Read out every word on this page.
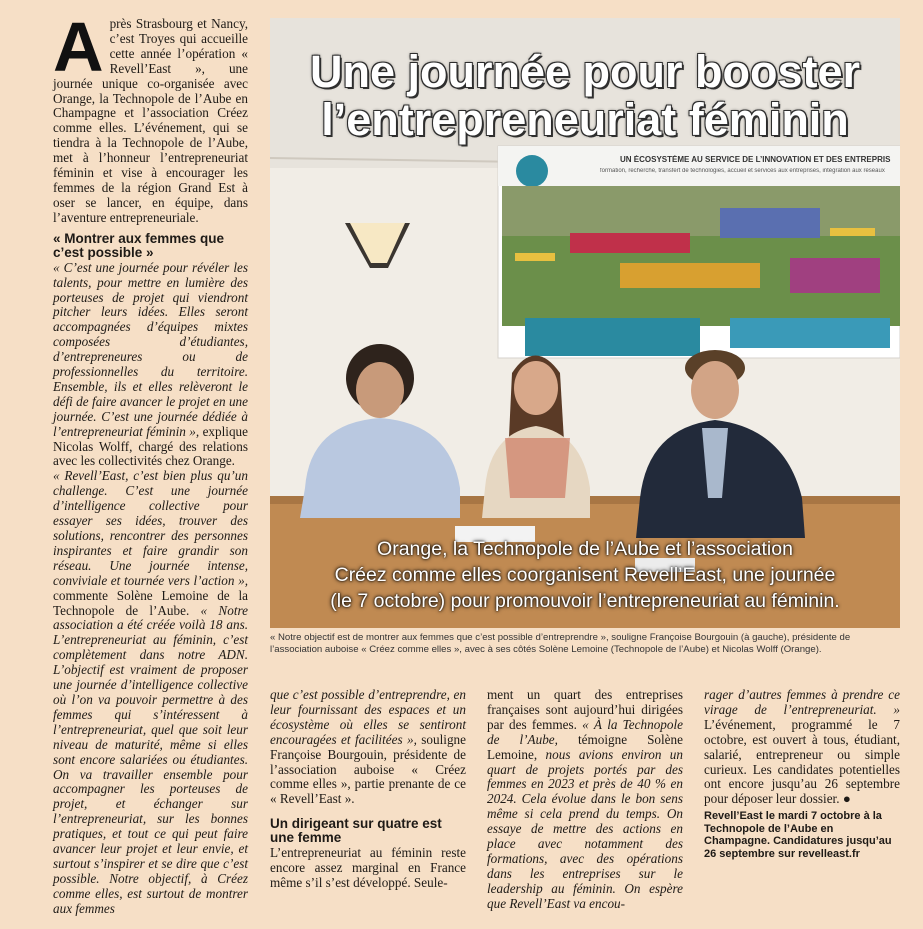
A près Strasbourg et Nancy, c’est Troyes qui accueille cette année l’opération « Revell’East », une journée unique co-organisée avec Orange, la Technopole de l’Aube en Champagne et l’association Créez comme elles. L’événement, qui se tiendra à la Technopole de l’Aube, met à l’honneur l’entrepreneuriat féminin et vise à encourager les femmes de la région Grand Est à oser se lancer, en équipe, dans l’aventure entrepreneuriale.

« Montrer aux femmes que c’est possible »

« C’est une journée pour révéler les talents, pour mettre en lumière des porteuses de projet qui viendront pitcher leurs idées. Elles seront accompagnées d’équipes mixtes composées d’étudiantes, d’entrepreneures ou de professionnelles du territoire. Ensemble, ils et elles relèveront le défi de faire avancer le projet en une journée. C’est une journée dédiée à l’entrepreneuriat féminin », explique Nicolas Wolff, chargé des relations avec les collectivités chez Orange.

« Revell’East, c’est bien plus qu’un challenge. C’est une journée d’intelligence collective pour essayer ses idées, trouver des solutions, rencontrer des personnes inspirantes et faire grandir son réseau. Une journée intense, conviviale et tournée vers l’action », commente Solène Lemoine de la Technopole de l’Aube. « Notre association a été créée voilà 18 ans. L’entrepreneuriat au féminin, c’est complètement dans notre ADN. L’objectif est vraiment de proposer une journée d’intelligence collective où l’on va pouvoir permettre à des femmes qui s’intéressent à l’entrepreneuriat, quel que soit leur niveau de maturité, même si elles sont encore salariées ou étudiantes. On va travailler ensemble pour accompagner les porteuses de projet, et échanger sur l’entrepreneuriat, sur les bonnes pratiques, et tout ce qui peut faire avancer leur projet et leur envie, et surtout s’inspirer et se dire que c’est possible. Notre objectif, à Créez comme elles, est surtout de montrer aux femmes

Une journée pour booster
l’entrepreneuriat féminin
UN ÉCOSYSTÈME AU SERVICE DE L’INNOVATION ET DES ENTREPRIS
formation, recherche, transfert de technologies, accueil et services aux entreprises, intégration aux réseaux
Orange, la Technopole de l’Aube et l’association
Créez comme elles coorganisent Revell’East, une journée
(le 7 octobre) pour promouvoir l’entrepreneuriat au féminin.
« Notre objectif est de montrer aux femmes que c’est possible d’entreprendre », souligne Françoise Bourgouin (à gauche), présidente de l’association auboise « Créez comme elles », avec à ses côtés Solène Lemoine (Technopole de l’Aube) et Nicolas Wolff (Orange).

que c’est possible d’entreprendre, en leur fournissant des espaces et un écosystème où elles se sentiront encouragées et facilitées », souligne Françoise Bourgouin, présidente de l’association auboise « Créez comme elles », partie prenante de ce « Revell’East ».

Un dirigeant sur quatre est une femme

L’entrepreneuriat au féminin reste encore assez marginal en France même s’il s’est développé. Seule-

ment un quart des entreprises françaises sont aujourd’hui dirigées par des femmes. « À la Technopole de l’Aube, témoigne Solène Lemoine, nous avions environ un quart de projets portés par des femmes en 2023 et près de 40 % en 2024. Cela évolue dans le bon sens même si cela prend du temps. On essaye de mettre des actions en place avec notamment des formations, avec des opérations dans les entreprises sur le leadership au féminin. On espère que Revell’East va encou-

rager d’autres femmes à prendre ce virage de l’entrepreneuriat. » L’événement, programmé le 7 octobre, est ouvert à tous, étudiant, salarié, entrepreneur ou simple curieux. Les candidates potentielles ont encore jusqu’au 26 septembre pour déposer leur dossier. ●

Revell’East le mardi 7 octobre à la Technopole de l’Aube en Champagne. Candidatures jusqu’au 26 septembre sur revelleast.fr
